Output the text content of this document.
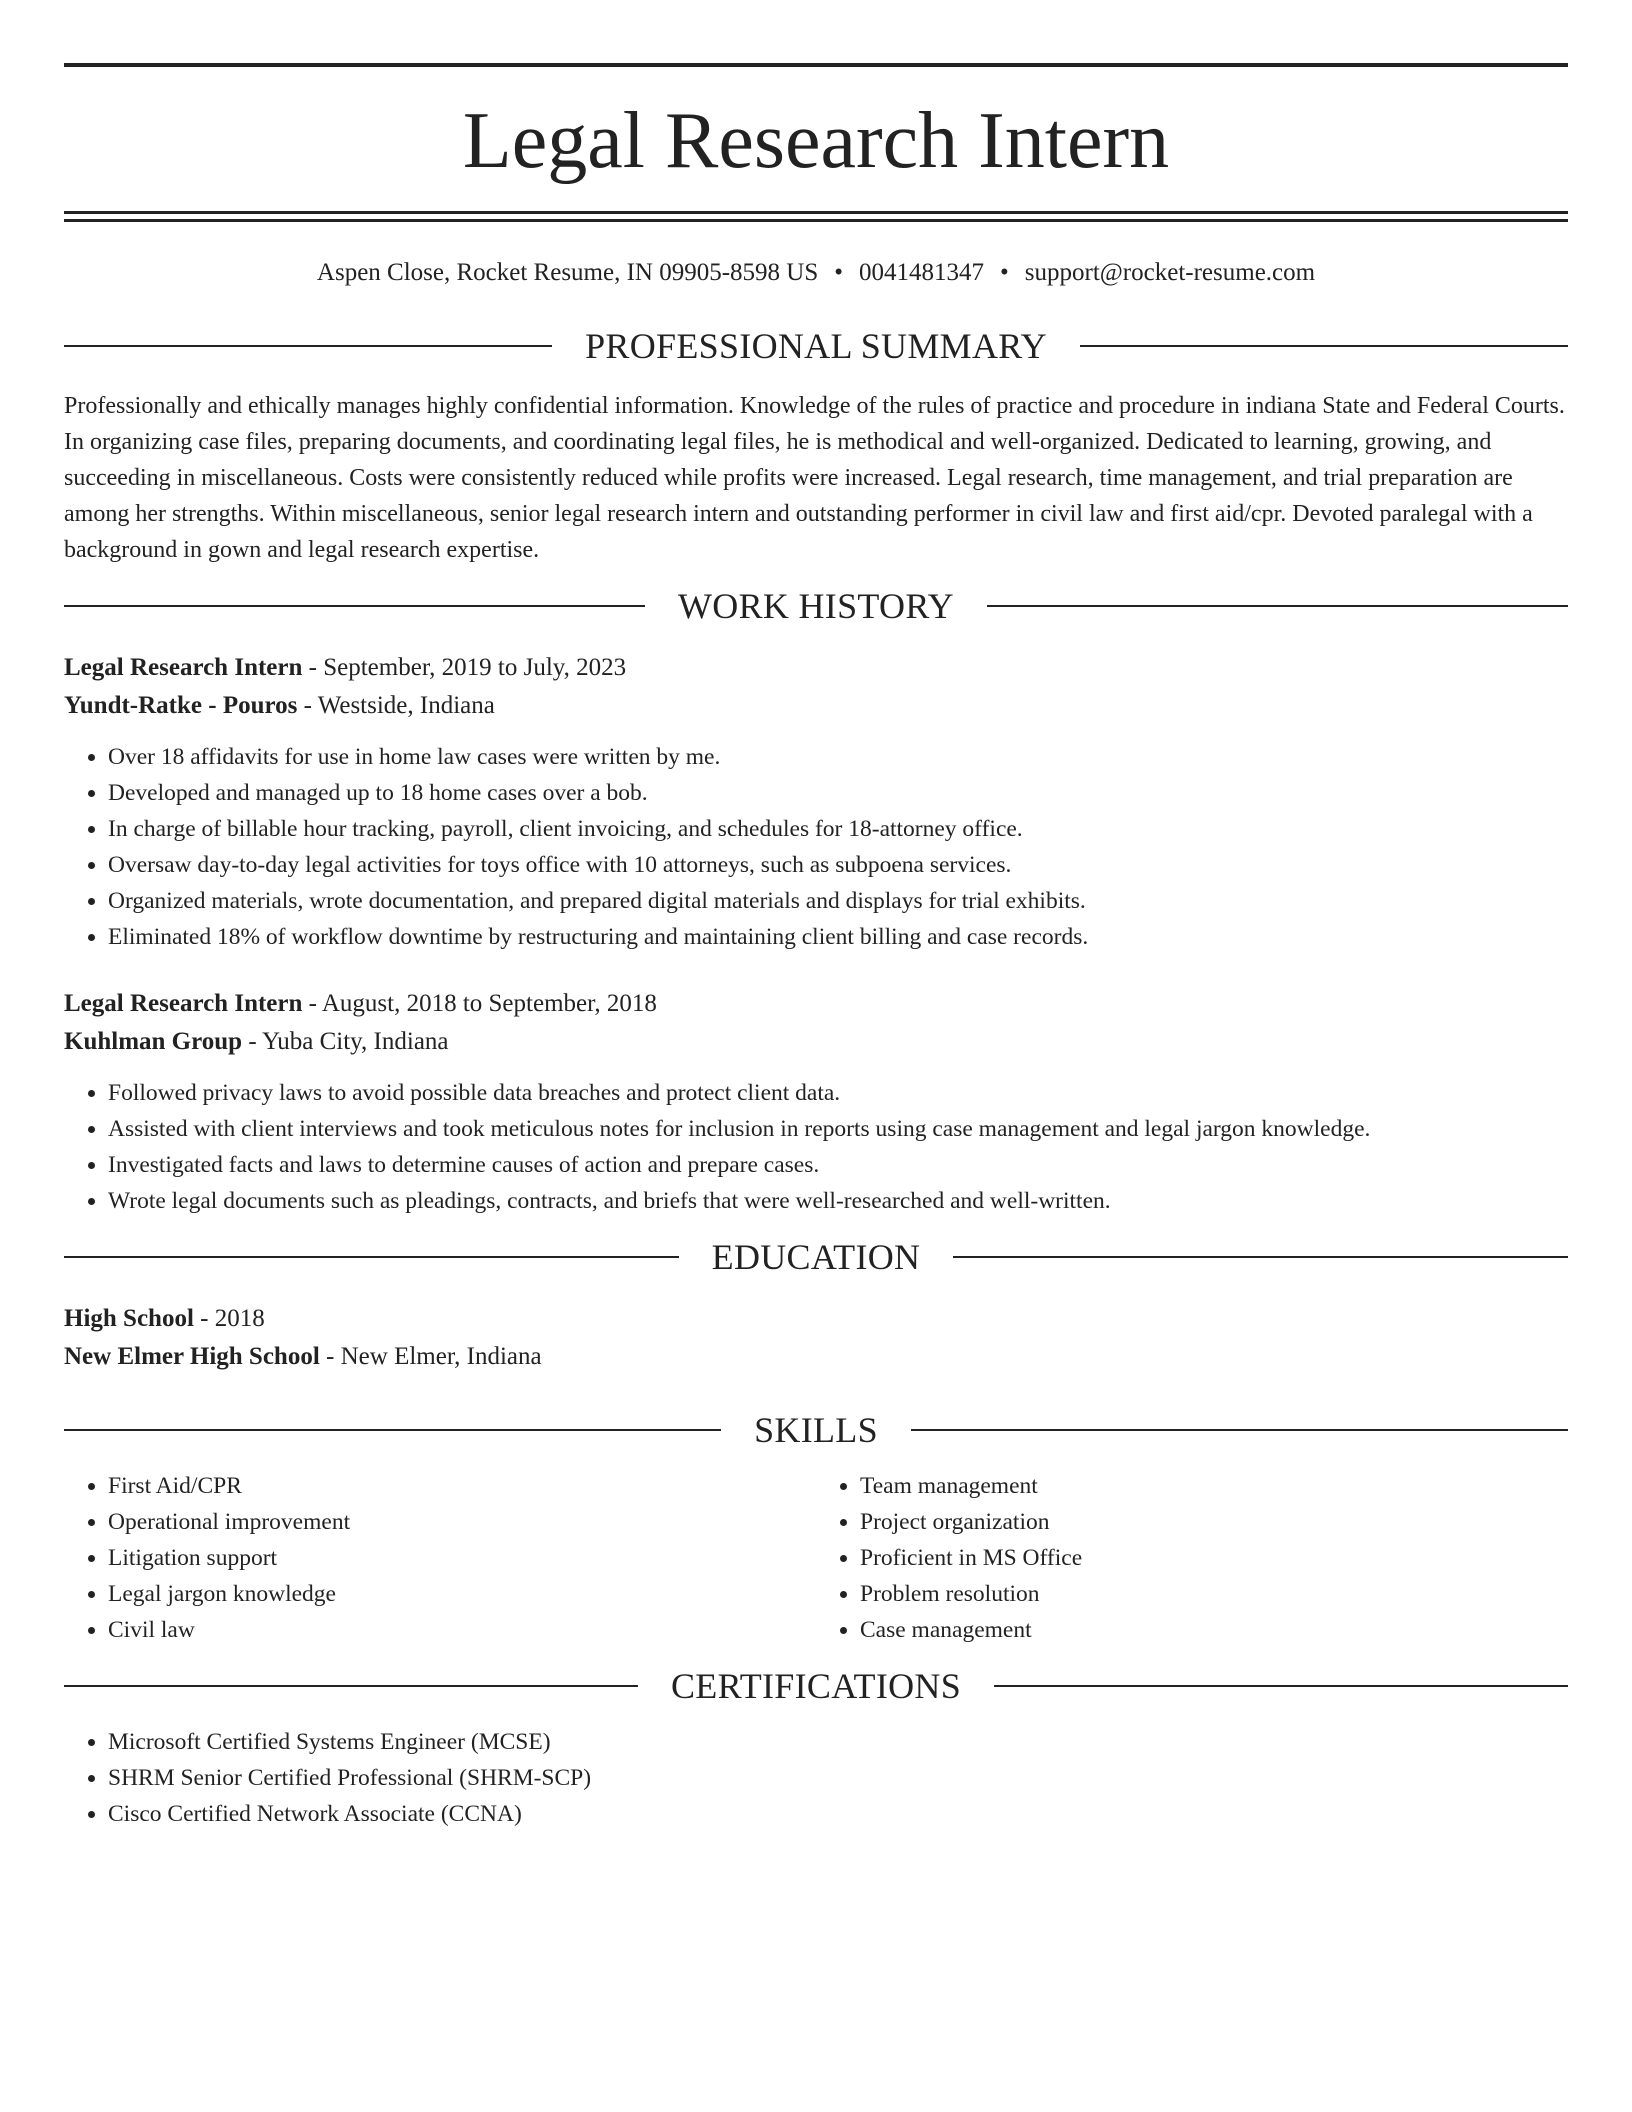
Legal Research Intern
Aspen Close, Rocket Resume, IN 09905-8598 US • 0041481347 • support@rocket-resume.com
PROFESSIONAL SUMMARY

Professionally and ethically manages highly confidential information. Knowledge of the rules of practice and procedure in indiana State and Federal Courts. In organizing case files, preparing documents, and coordinating legal files, he is methodical and well-organized. Dedicated to learning, growing, and succeeding in miscellaneous. Costs were consistently reduced while profits were increased. Legal research, time management, and trial preparation are among her strengths. Within miscellaneous, senior legal research intern and outstanding performer in civil law and first aid/cpr. Devoted paralegal with a background in gown and legal research expertise.

WORK HISTORY
Legal Research Intern - September, 2019 to July, 2023
Yundt-Ratke - Pouros - Westside, Indiana
• Over 18 affidavits for use in home law cases were written by me.
• Developed and managed up to 18 home cases over a bob.
• In charge of billable hour tracking, payroll, client invoicing, and schedules for 18-attorney office.
• Oversaw day-to-day legal activities for toys office with 10 attorneys, such as subpoena services.
• Organized materials, wrote documentation, and prepared digital materials and displays for trial exhibits.
• Eliminated 18% of workflow downtime by restructuring and maintaining client billing and case records.
Legal Research Intern - August, 2018 to September, 2018
Kuhlman Group - Yuba City, Indiana
• Followed privacy laws to avoid possible data breaches and protect client data.
• Assisted with client interviews and took meticulous notes for inclusion in reports using case management and legal jargon knowledge.
• Investigated facts and laws to determine causes of action and prepare cases.
• Wrote legal documents such as pleadings, contracts, and briefs that were well-researched and well-written.
EDUCATION
High School - 2018
New Elmer High School - New Elmer, Indiana
SKILLS
• First Aid/CPR
• Operational improvement
• Litigation support
• Legal jargon knowledge
• Civil law
• Team management
• Project organization
• Proficient in MS Office
• Problem resolution
• Case management
CERTIFICATIONS
• Microsoft Certified Systems Engineer (MCSE)
• SHRM Senior Certified Professional (SHRM-SCP)
• Cisco Certified Network Associate (CCNA)
